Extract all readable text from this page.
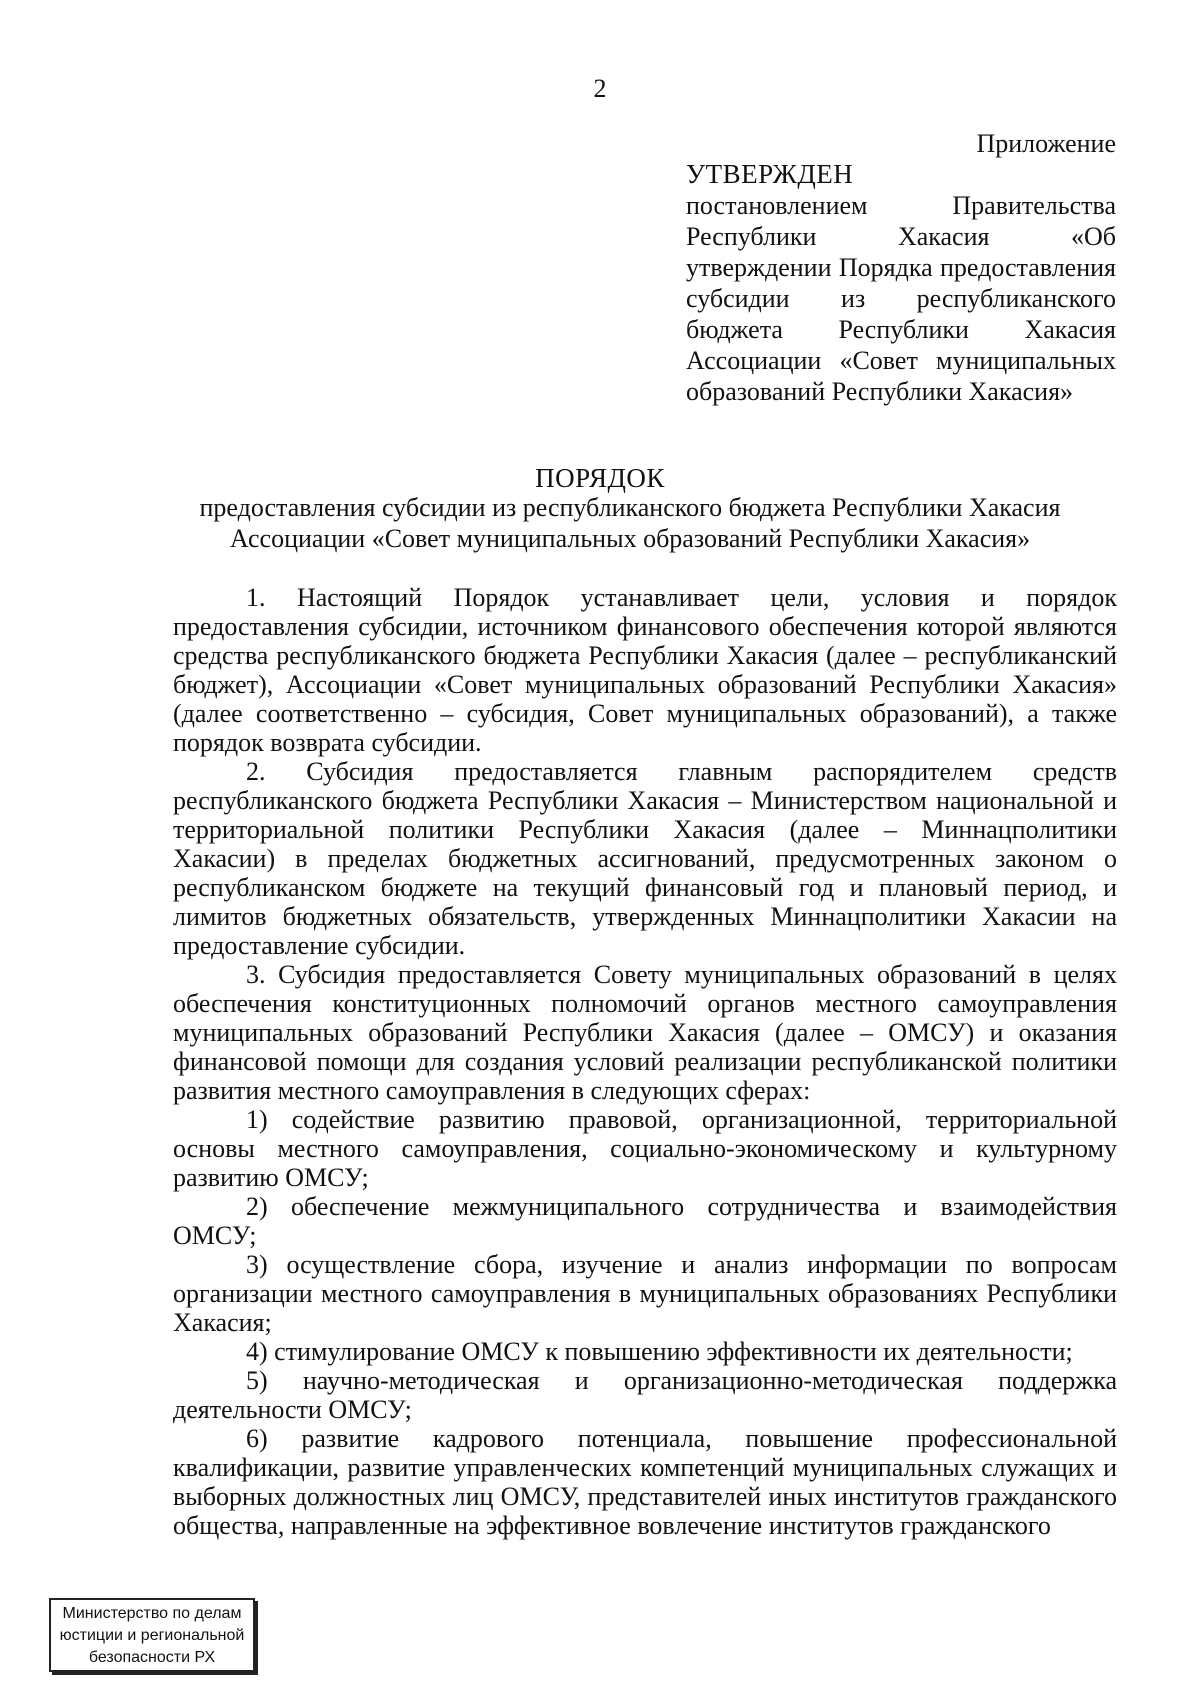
2
Приложение
УТВЕРЖДЕН
постановлением Правительства Республики Хакасия «Об утверждении Порядка предоставления субсидии из республиканского бюджета Республики Хакасия Ассоциации «Совет муниципальных образований Республики Хакасия»
ПОРЯДОК
предоставления субсидии из республиканского бюджета Республики Хакасия Ассоциации «Совет муниципальных образований Республики Хакасия»

1. Настоящий Порядок устанавливает цели, условия и порядок предоставления субсидии, источником финансового обеспечения которой являются средства республиканского бюджета Республики Хакасия (далее – республиканский бюджет), Ассоциации «Совет муниципальных образований Республики Хакасия» (далее соответственно – субсидия, Совет муниципальных образований), а также порядок возврата субсидии.

2. Субсидия предоставляется главным распорядителем средств республиканского бюджета Республики Хакасия – Министерством национальной и территориальной политики Республики Хакасия (далее – Миннацполитики Хакасии) в пределах бюджетных ассигнований, предусмотренных законом о республиканском бюджете на текущий финансовый год и плановый период, и лимитов бюджетных обязательств, утвержденных Миннацполитики Хакасии на предоставление субсидии.

3. Субсидия предоставляется Совету муниципальных образований в целях обеспечения конституционных полномочий органов местного самоуправления муниципальных образований Республики Хакасия (далее – ОМСУ) и оказания финансовой помощи для создания условий реализации республиканской политики развития местного самоуправления в следующих сферах:

1) содействие развитию правовой, организационной, территориальной основы местного самоуправления, социально-экономическому и культурному развитию ОМСУ;

2) обеспечение межмуниципального сотрудничества и взаимодействия ОМСУ;

3) осуществление сбора, изучение и анализ информации по вопросам организации местного самоуправления в муниципальных образованиях Республики Хакасия;

4) стимулирование ОМСУ к повышению эффективности их деятельности;

5) научно-методическая и организационно-методическая поддержка деятельности ОМСУ;

6) развитие кадрового потенциала, повышение профессиональной квалификации, развитие управленческих компетенций муниципальных служащих и выборных должностных лиц ОМСУ, представителей иных институтов гражданского общества, направленные на эффективное вовлечение институтов гражданского

Министерство по делам
юстиции и региональной
безопасности РХ
